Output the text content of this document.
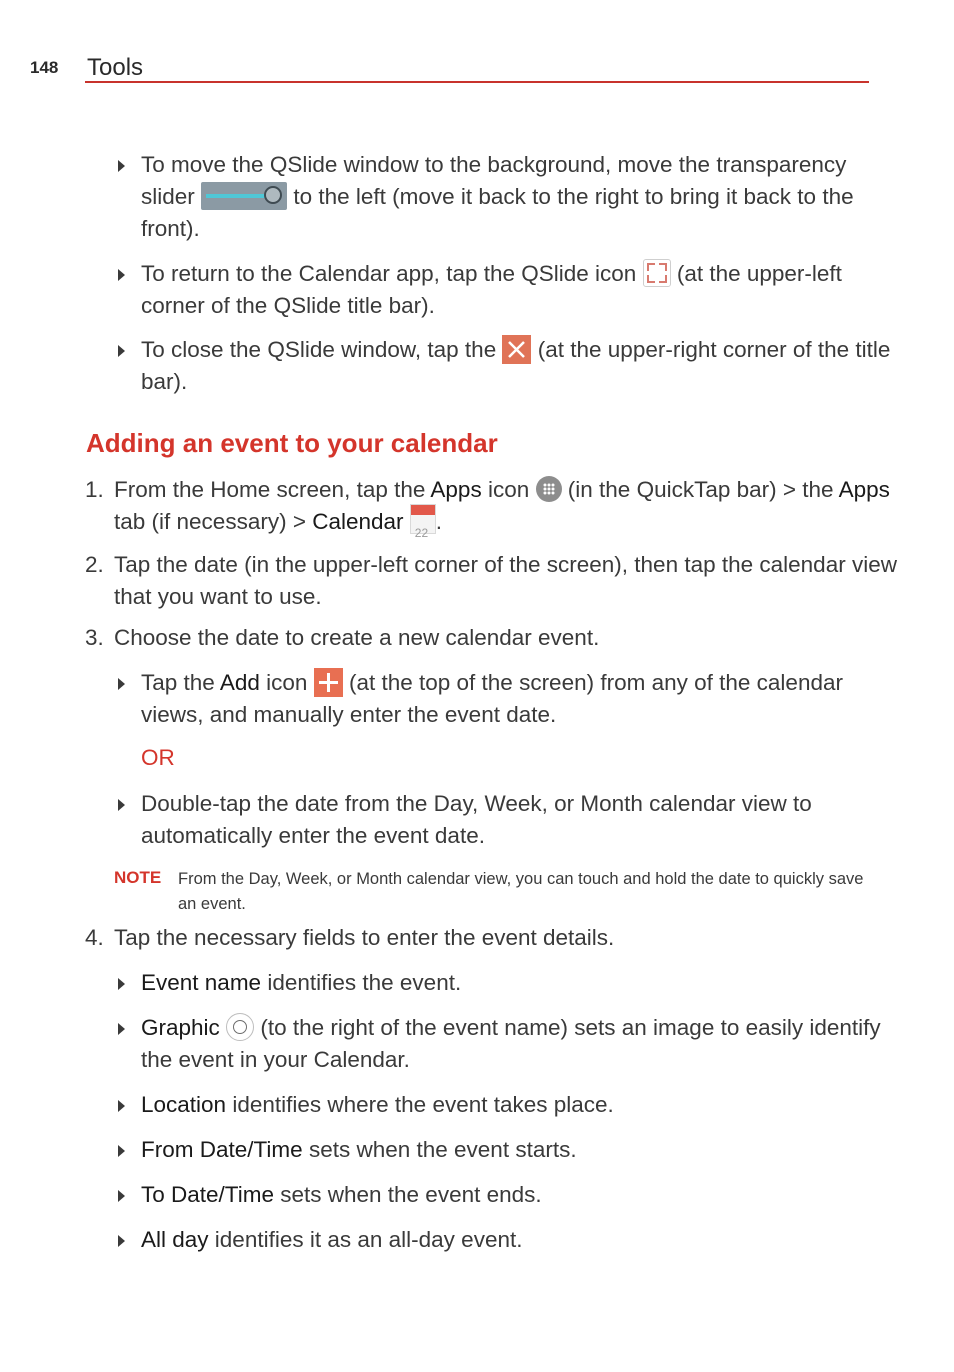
148 Tools
To move the QSlide window to the background, move the transparency slider	to the left (move it back to the right to bring it back to the front).
To return to the Calendar app, tap the QSlide icon (at the upper-left corner of the QSlide title bar).
To close the QSlide window, tap the (at the upper-right corner of the title bar).
Adding an event to your calendar
1. From the Home screen, tap the Apps icon (in the QuickTap bar) > the Apps tab (if necessary) > Calendar 22 .
2. Tap the date (in the upper-left corner of the screen), then tap the calendar view that you want to use.
3. Choose the date to create a new calendar event.
Tap the Add icon (at the top of the screen) from any of the calendar views, and manually enter the event date.
OR
Double-tap the date from the Day, Week, or Month calendar view to automatically enter the event date.
NOTE From the Day, Week, or Month calendar view, you can touch and hold the date to quickly save an event.
4. Tap the necessary fields to enter the event details.
Event name identifies the event.
Graphic (to the right of the event name) sets an image to easily identify the event in your Calendar.
Location identifies where the event takes place.
From Date/Time sets when the event starts.
To Date/Time sets when the event ends.
All day identifies it as an all-day event.
